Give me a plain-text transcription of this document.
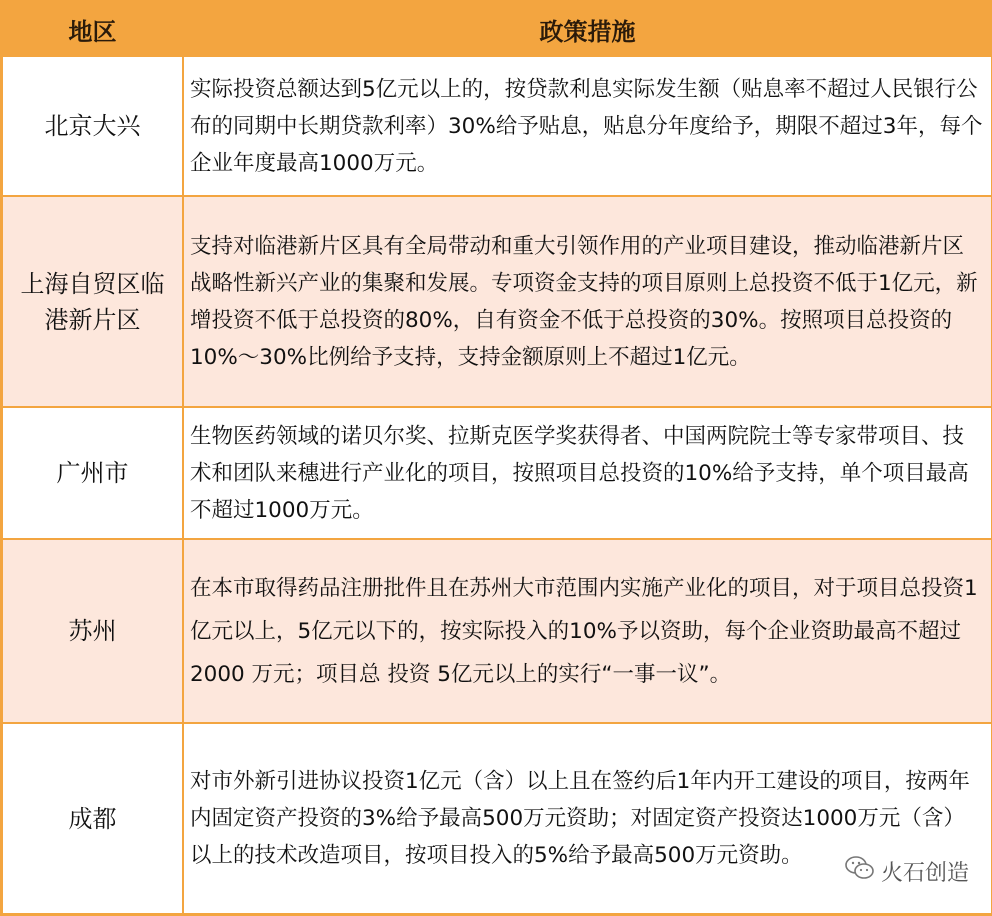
地区	政策措施
北京大兴	实际投资总额达到5亿元以上的，按贷款利息实际发生额（贴息率不超过人民银行公布的同期中长期贷款利率）30%给予贴息，贴息分年度给予，期限不超过3年，每个企业年度最高1000万元。
上海自贸区临港新片区	支持对临港新片区具有全局带动和重大引领作用的产业项目建设，推动临港新片区战略性新兴产业的集聚和发展。专项资金支持的项目原则上总投资不低于1亿元，新增投资不低于总投资的80%，自有资金不低于总投资的30%。按照项目总投资的10%～30%比例给予支持，支持金额原则上不超过1亿元。
广州市	生物医药领域的诺贝尔奖、拉斯克医学奖获得者、中国两院院士等专家带项目、技术和团队来穗进行产业化的项目，按照项目总投资的10%给予支持，单个项目最高不超过1000万元。
苏州	在本市取得药品注册批件且在苏州大市范围内实施产业化的项目，对于项目总投资1亿元以上，5亿元以下的，按实际投入的10%予以资助，每个企业资助最高不超过2000 万元；项目总 投资 5亿元以上的实行“一事一议”。
成都	对市外新引进协议投资1亿元（含）以上且在签约后1年内开工建设的项目，按两年内固定资产投资的3%给予最高500万元资助；对固定资产投资达1000万元（含）以上的技术改造项目，按项目投入的5%给予最高500万元资助。
火石创造
